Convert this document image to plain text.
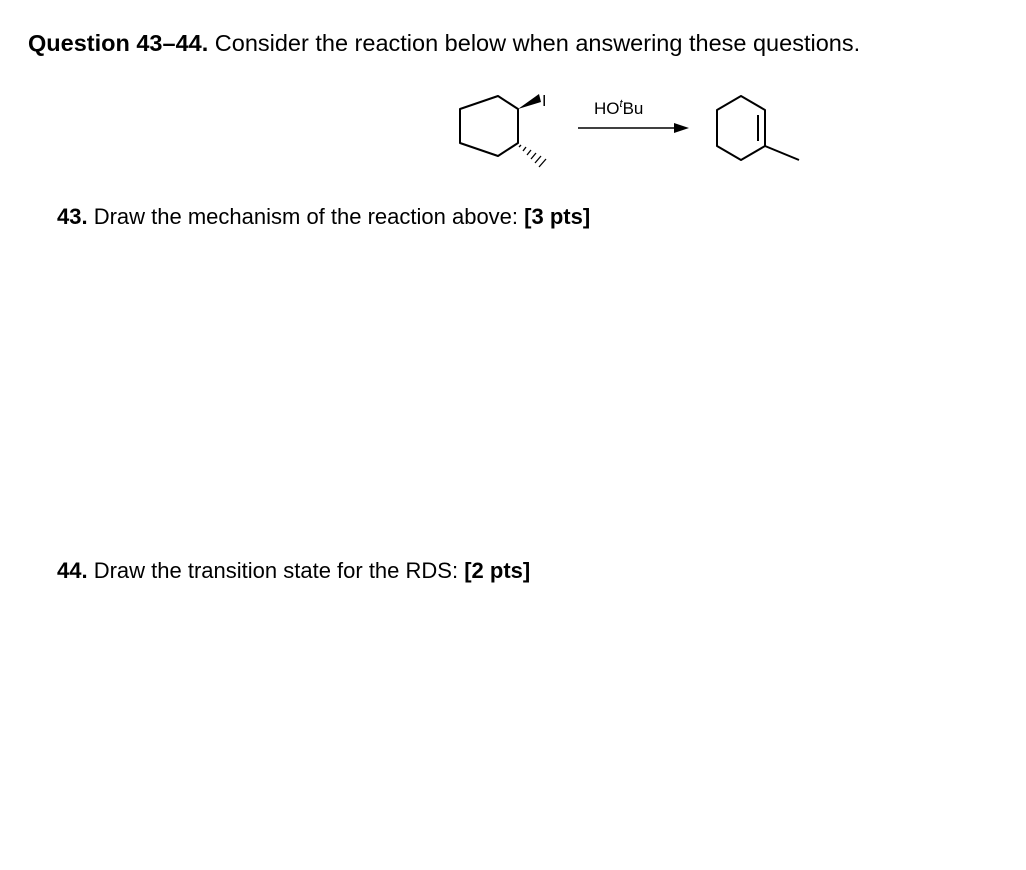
Question 43–44. Consider the reaction below when answering these questions.
I	$HO^tBu$
43. Draw the mechanism of the reaction above: [3 pts]
44. Draw the transition state for the RDS: [2 pts]
